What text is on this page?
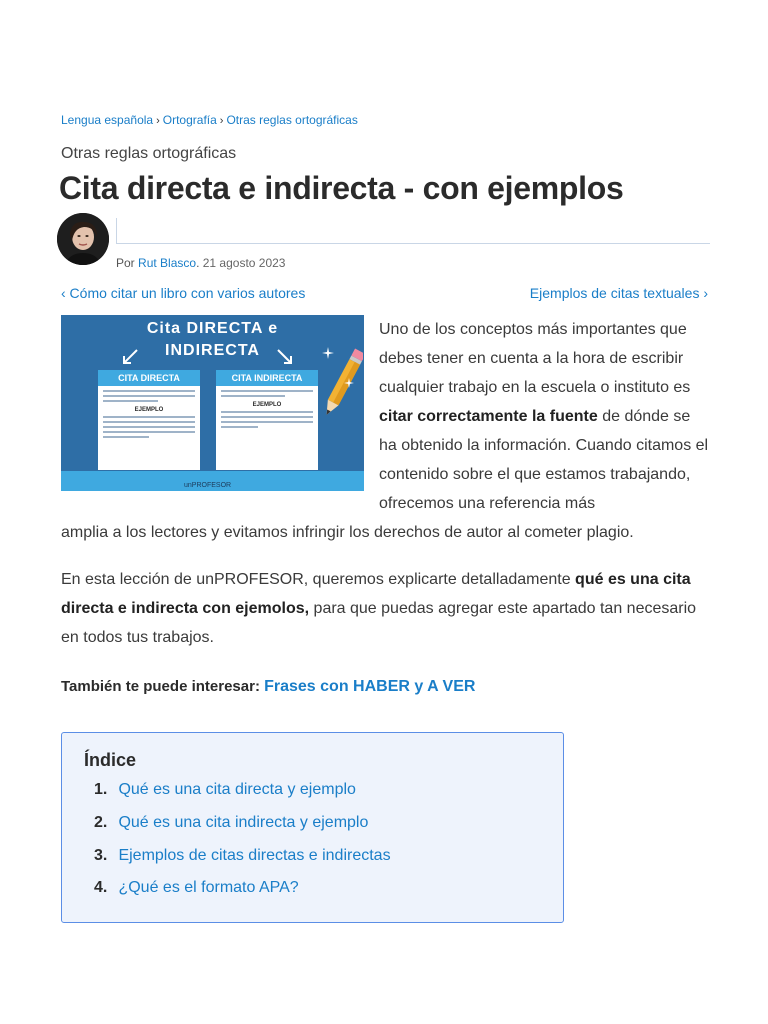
Lengua española › Ortografía › Otras reglas ortográficas
Otras reglas ortográficas
Cita directa e indirecta - con ejemplos
Por Rut Blasco. 21 agosto 2023
‹ Cómo citar un libro con varios autores	Ejemplos de citas textuales ›
Cita DIRECTA e
INDIRECTA
CITA DIRECTA
EJEMPLO
CITA INDIRECTA
EJEMPLO
unPROFESOR

Uno de los conceptos más importantes que debes tener en cuenta a la hora de escribir cualquier trabajo en la escuela o instituto es citar correctamente la fuente de dónde se ha obtenido la información. Cuando citamos el contenido sobre el que estamos trabajando, ofrecemos una referencia más

amplia a los lectores y evitamos infringir los derechos de autor al cometer plagio.

En esta lección de unPROFESOR, queremos explicarte detalladamente qué es una cita directa e indirecta con ejemolos, para que puedas agregar este apartado tan necesario en todos tus trabajos.

También te puede interesar: Frases con HABER y A VER
Índice
1. Qué es una cita directa y ejemplo
2. Qué es una cita indirecta y ejemplo
3. Ejemplos de citas directas e indirectas
4. ¿Qué es el formato APA?
